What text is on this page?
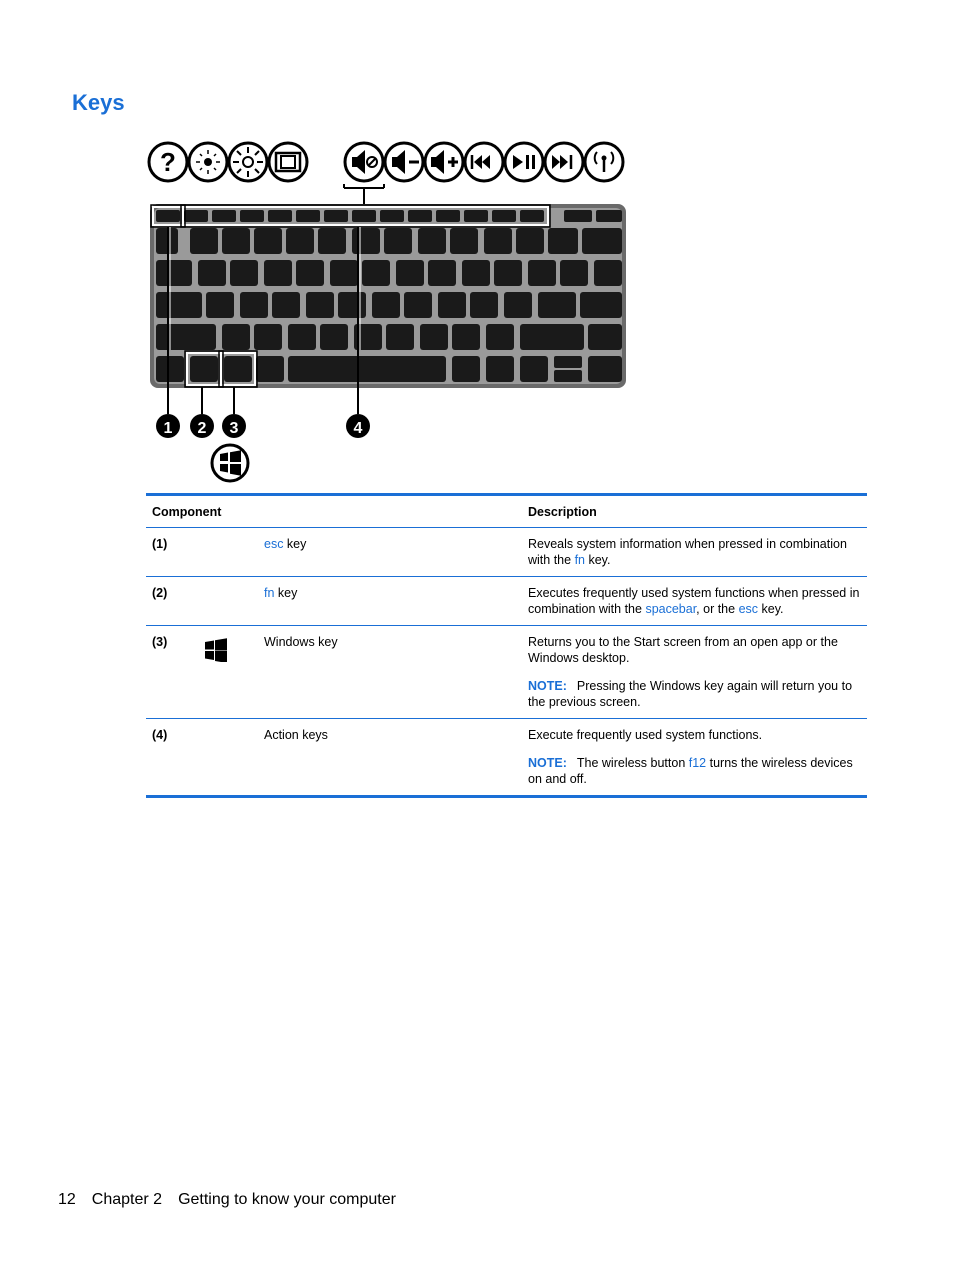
Keys
?
1 2 3	4
Component			Description
(1)		esc key	Reveals system information when pressed in combination with the fn key.
(2)		fn key	Executes frequently used system functions when pressed in combination with the spacebar, or the esc key.
(3)		Windows key	Returns you to the Start screen from an open app or the Windows desktop.

NOTE: Pressing the Windows key again will return you to the previous screen.

(4)		Action keys	Execute frequently used system functions.

NOTE: The wireless button f12 turns the wireless devices on and off.

12 Chapter 2 Getting to know your computer
